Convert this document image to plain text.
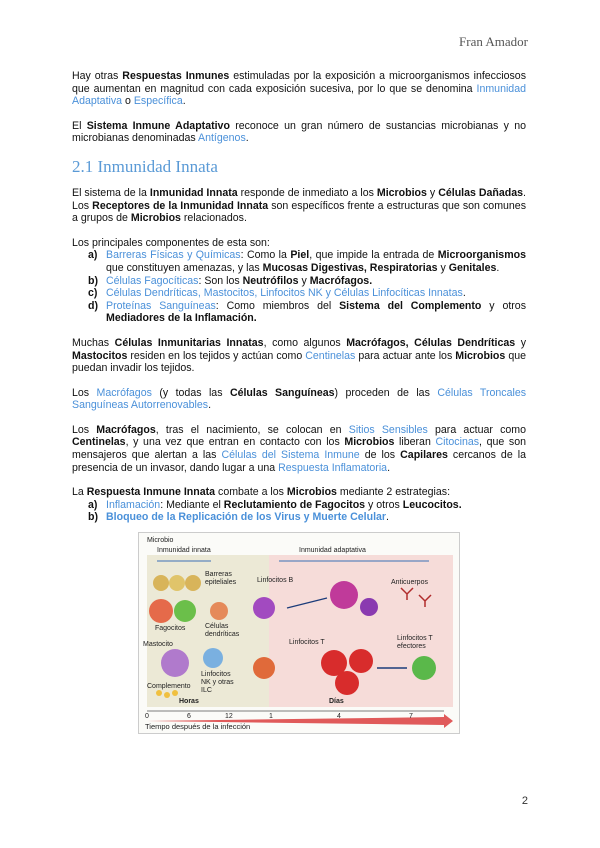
Fran Amador

Hay otras Respuestas Inmunes estimuladas por la exposición a microorganismos infecciosos que aumentan en magnitud con cada exposición sucesiva, por lo que se denomina Inmunidad Adaptativa o Específica.

El Sistema Inmune Adaptativo reconoce un gran número de sustancias microbianas y no microbianas denominadas Antígenos.

2.1 Inmunidad Innata

El sistema de la Inmunidad Innata responde de inmediato a los Microbios y Células Dañadas. Los Receptores de la Inmunidad Innata son específicos frente a estructuras que son comunes a grupos de Microbios relacionados.

Los principales componentes de esta son:

a) Barreras Físicas y Químicas: Como la Piel, que impide la entrada de Microorganismos que constituyen amenazas, y las Mucosas Digestivas, Respiratorias y Genitales.
b) Células Fagocíticas: Son los Neutrófilos y Macrófagos.
c) Células Dendríticas, Mastocitos, Linfocitos NK y Células Linfocíticas Innatas.
d) Proteínas Sanguíneas: Como miembros del Sistema del Complemento y otros Mediadores de la Inflamación.

Muchas Células Inmunitarias Innatas, como algunos Macrófagos, Células Dendríticas y Mastocitos residen en los tejidos y actúan como Centinelas para actuar ante los Microbios que puedan invadir los tejidos.

Los Macrófagos (y todas las Células Sanguíneas) proceden de las Células Troncales Sanguíneas Autorrenovables.

Los Macrófagos, tras el nacimiento, se colocan en Sitios Sensibles para actuar como Centinelas, y una vez que entran en contacto con los Microbios liberan Citocinas, que son mensajeros que alertan a las Células del Sistema Inmune de los Capilares cercanos de la presencia de un invasor, dando lugar a una Respuesta Inflamatoria.

La Respuesta Inmune Innata combate a los Microbios mediante 2 estrategias:

a) Inflamación: Mediante el Reclutamiento de Fagocitos y otros Leucocitos.
b) Bloqueo de la Replicación de los Virus y Muerte Celular.
Microbio
Inmunidad innata	Inmunidad adaptativa
Barreras epiteliales
Fagocitos	Células dendríticas
Mastocito
Complemento
Linfocitos NK y otras ILC
Linfocitos B	Anticuerpos
Linfocitos T
Linfocitos T efectores
Horas	Días
0	6	12	1	4	7
Tiempo después de la infección
2
